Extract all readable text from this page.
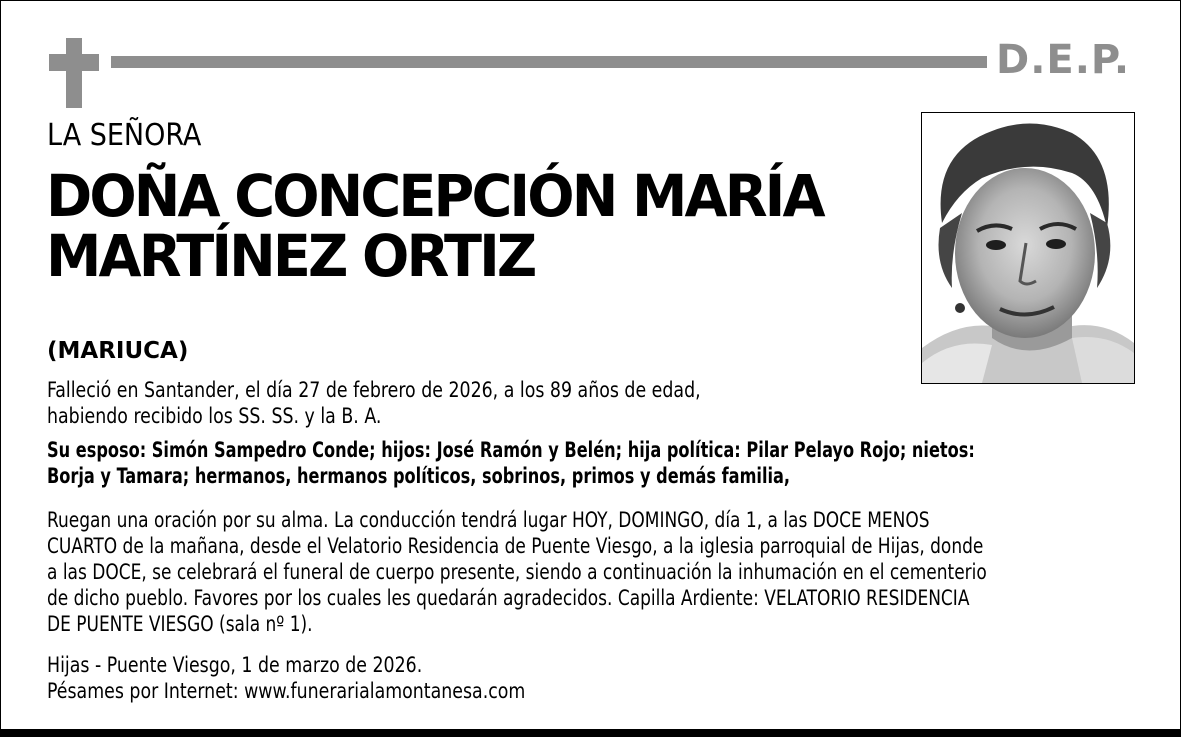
D.E.P.
LA SEÑORA
DOÑA CONCEPCIÓN MARÍA
MARTÍNEZ ORTIZ
(MARIUCA)
Falleció en Santander, el día 27 de febrero de 2026, a los 89 años de edad,
habiendo recibido los SS. SS. y la B. A.
Su esposo: Simón Sampedro Conde; hijos: José Ramón y Belén; hija política: Pilar Pelayo Rojo; nietos:
Borja y Tamara; hermanos, hermanos políticos, sobrinos, primos y demás familia,
Ruegan una oración por su alma. La conducción tendrá lugar HOY, DOMINGO, día 1, a las DOCE MENOS
CUARTO de la mañana, desde el Velatorio Residencia de Puente Viesgo, a la iglesia parroquial de Hijas, donde
a las DOCE, se celebrará el funeral de cuerpo presente, siendo a continuación la inhumación en el cementerio
de dicho pueblo. Favores por los cuales les quedarán agradecidos. Capilla Ardiente: VELATORIO RESIDENCIA
DE PUENTE VIESGO (sala nº 1).
Hijas - Puente Viesgo, 1 de marzo de 2026.
Pésames por Internet: www.funerarialamontanesa.com
